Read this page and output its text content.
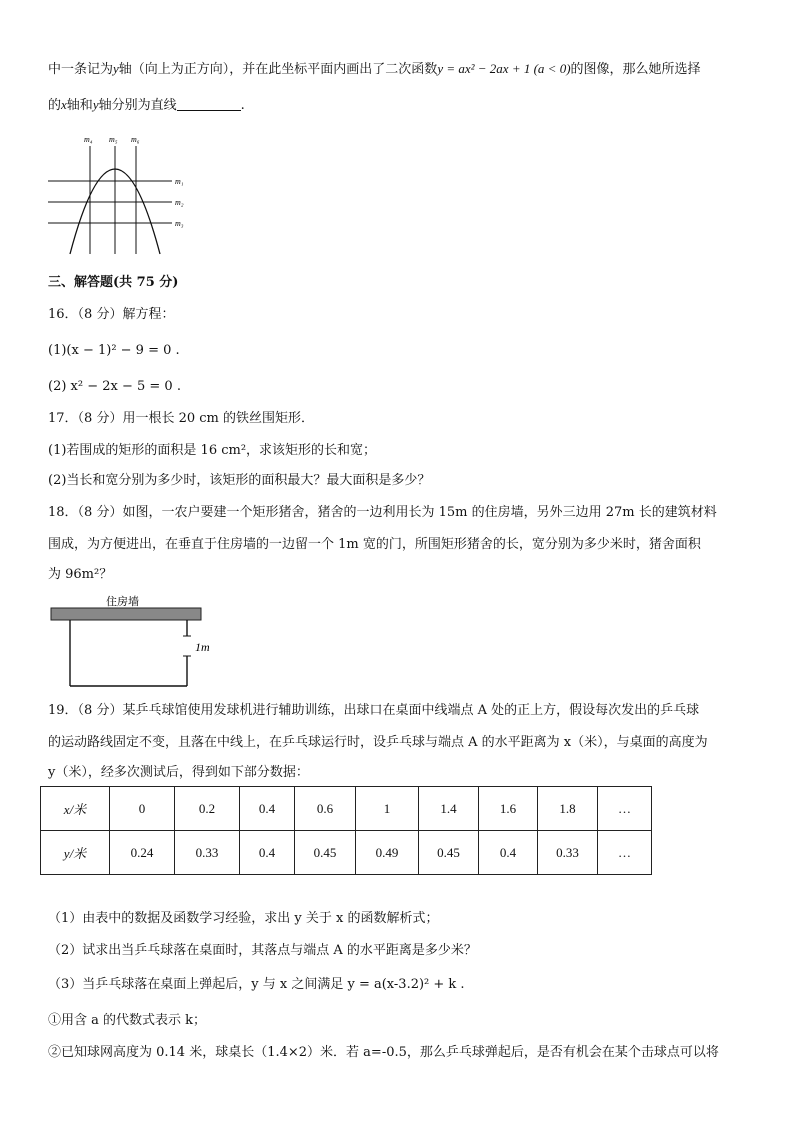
中一条记为y轴（向上为正方向），并在此坐标平面内画出了二次函数y = ax² − 2ax + 1 (a < 0)的图像，那么她所选择
的x轴和y轴分别为直线	.
m₄ m₅ m₆
m₁
m₂
m₃
三、解答题(共 75 分)
16．（8 分）解方程：
(1)(x − 1)² − 9 = 0 .
(2) x² − 2x − 5 = 0 .
17．（8 分）用一根长 20 cm 的铁丝围矩形．
(1)若围成的矩形的面积是 16 cm²，求该矩形的长和宽；
(2)当长和宽分别为多少时，该矩形的面积最大？最大面积是多少？
18．（8 分）如图，一农户要建一个矩形猪舍，猪舍的一边利用长为 15m 的住房墙，另外三边用 27m 长的建筑材料
围成，为方便进出，在垂直于住房墙的一边留一个 1m 宽的门，所围矩形猪舍的长，宽分别为多少米时，猪舍面积
为 96m²？
住房墙
1m
19．（8 分）某乒乓球馆使用发球机进行辅助训练，出球口在桌面中线端点 A 处的正上方，假设每次发出的乒乓球
的运动路线固定不变，且落在中线上，在乒乓球运行时，设乒乓球与端点 A 的水平距离为 x（米），与桌面的高度为
y（米），经多次测试后，得到如下部分数据：
x/米	0	0.2	0.4	0.6	1	1.4	1.6	1.8	…
y/米	0.24	0.33	0.4	0.45	0.49	0.45	0.4	0.33	…
（1）由表中的数据及函数学习经验，求出 y 关于 x 的函数解析式；
（2）试求出当乒乓球落在桌面时，其落点与端点 A 的水平距离是多少米？
（3）当乒乓球落在桌面上弹起后，y 与 x 之间满足 y = a(x-3.2)² + k .
①用含 a 的代数式表示 k；
②已知球网高度为 0.14 米，球桌长（1.4×2）米．若 a=-0.5，那么乒乓球弹起后，是否有机会在某个击球点可以将
